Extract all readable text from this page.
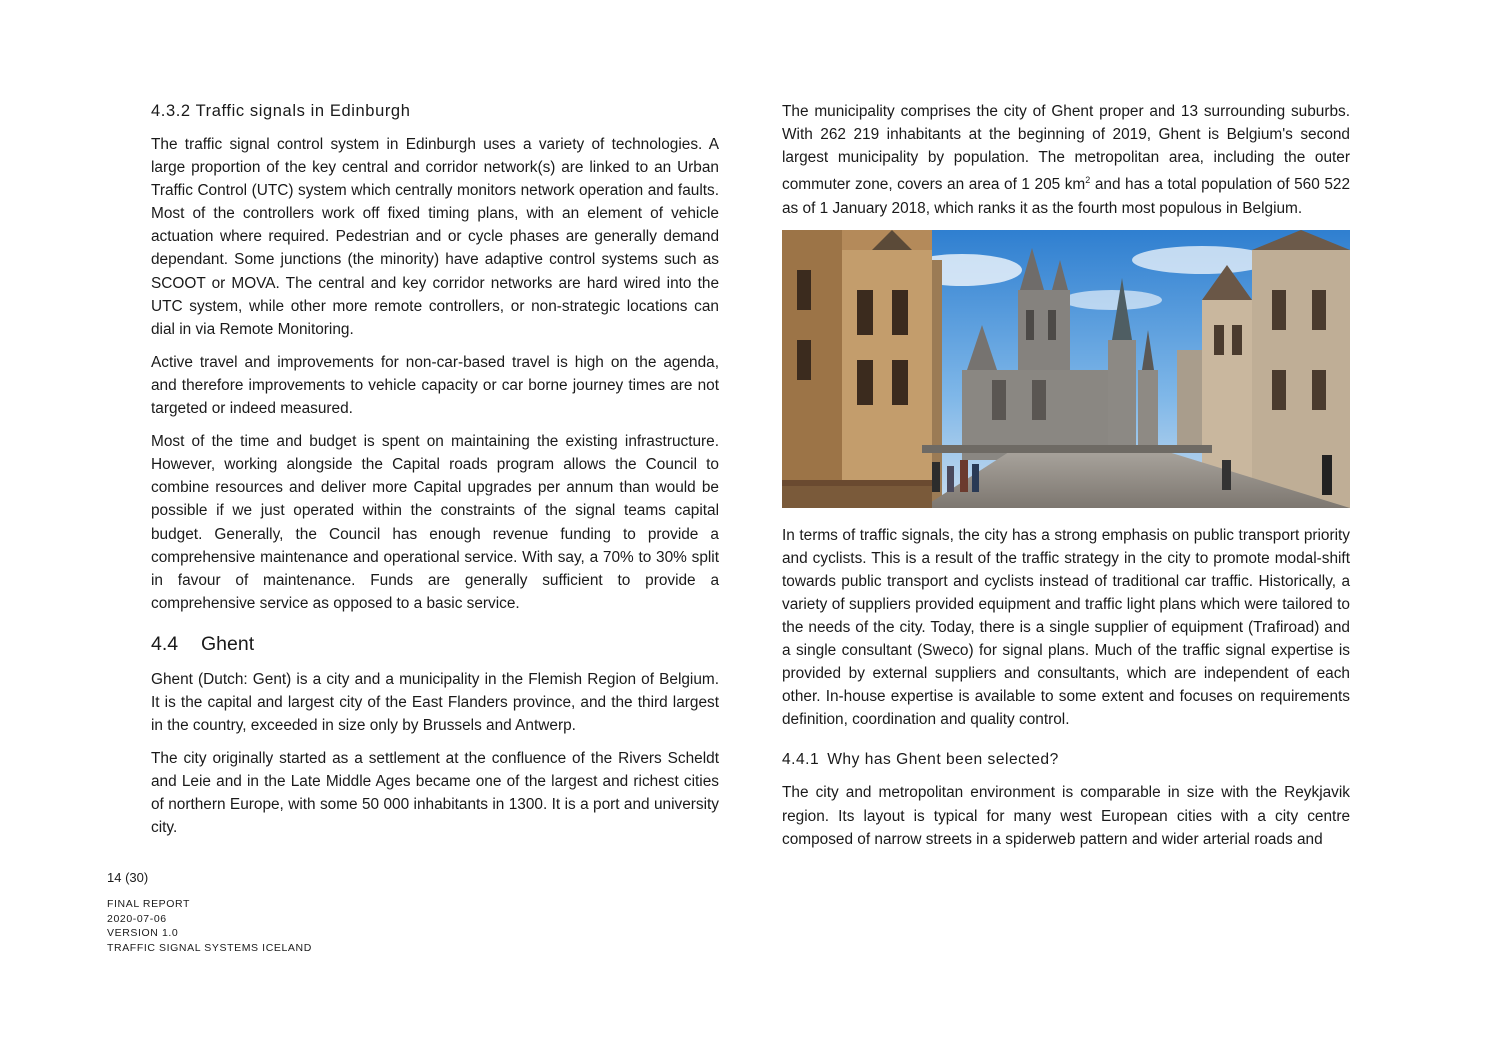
4.3.2 Traffic signals in Edinburgh

The traffic signal control system in Edinburgh uses a variety of technologies. A large proportion of the key central and corridor network(s) are linked to an Urban Traffic Control (UTC) system which centrally monitors network operation and faults. Most of the controllers work off fixed timing plans, with an element of vehicle actuation where required. Pedestrian and or cycle phases are generally demand dependant. Some junctions (the minority) have adaptive control systems such as SCOOT or MOVA. The central and key corridor networks are hard wired into the UTC system, while other more remote controllers, or non-strategic locations can dial in via Remote Monitoring.

Active travel and improvements for non-car-based travel is high on the agenda, and therefore improvements to vehicle capacity or car borne journey times are not targeted or indeed measured.

Most of the time and budget is spent on maintaining the existing infrastructure. However, working alongside the Capital roads program allows the Council to combine resources and deliver more Capital upgrades per annum than would be possible if we just operated within the constraints of the signal teams capital budget. Generally, the Council has enough revenue funding to provide a comprehensive maintenance and operational service. With say, a 70% to 30% split in favour of maintenance. Funds are generally sufficient to provide a comprehensive service as opposed to a basic service.

4.4 Ghent

Ghent (Dutch: Gent) is a city and a municipality in the Flemish Region of Belgium. It is the capital and largest city of the East Flanders province, and the third largest in the country, exceeded in size only by Brussels and Antwerp.

The city originally started as a settlement at the confluence of the Rivers Scheldt and Leie and in the Late Middle Ages became one of the largest and richest cities of northern Europe, with some 50 000 inhabitants in 1300. It is a port and university city.

The municipality comprises the city of Ghent proper and 13 surrounding suburbs. With 262 219 inhabitants at the beginning of 2019, Ghent is Belgium's second largest municipality by population. The metropolitan area, including the outer commuter zone, covers an area of 1 205 $km^2$ and has a total population of 560 522 as of 1 January 2018, which ranks it as the fourth most populous in Belgium.

In terms of traffic signals, the city has a strong emphasis on public transport priority and cyclists. This is a result of the traffic strategy in the city to promote modal-shift towards public transport and cyclists instead of traditional car traffic. Historically, a variety of suppliers provided equipment and traffic light plans which were tailored to the needs of the city. Today, there is a single supplier of equipment (Trafiroad) and a single consultant (Sweco) for signal plans. Much of the traffic signal expertise is provided by external suppliers and consultants, which are independent of each other. In-house expertise is available to some extent and focuses on requirements definition, coordination and quality control.

4.4.1 Why has Ghent been selected?

The city and metropolitan environment is comparable in size with the Reykjavik region. Its layout is typical for many west European cities with a city centre composed of narrow streets in a spiderweb pattern and wider arterial roads and

14 (30)
FINAL REPORT
2020-07-06
VERSION 1.0
TRAFFIC SIGNAL SYSTEMS ICELAND
